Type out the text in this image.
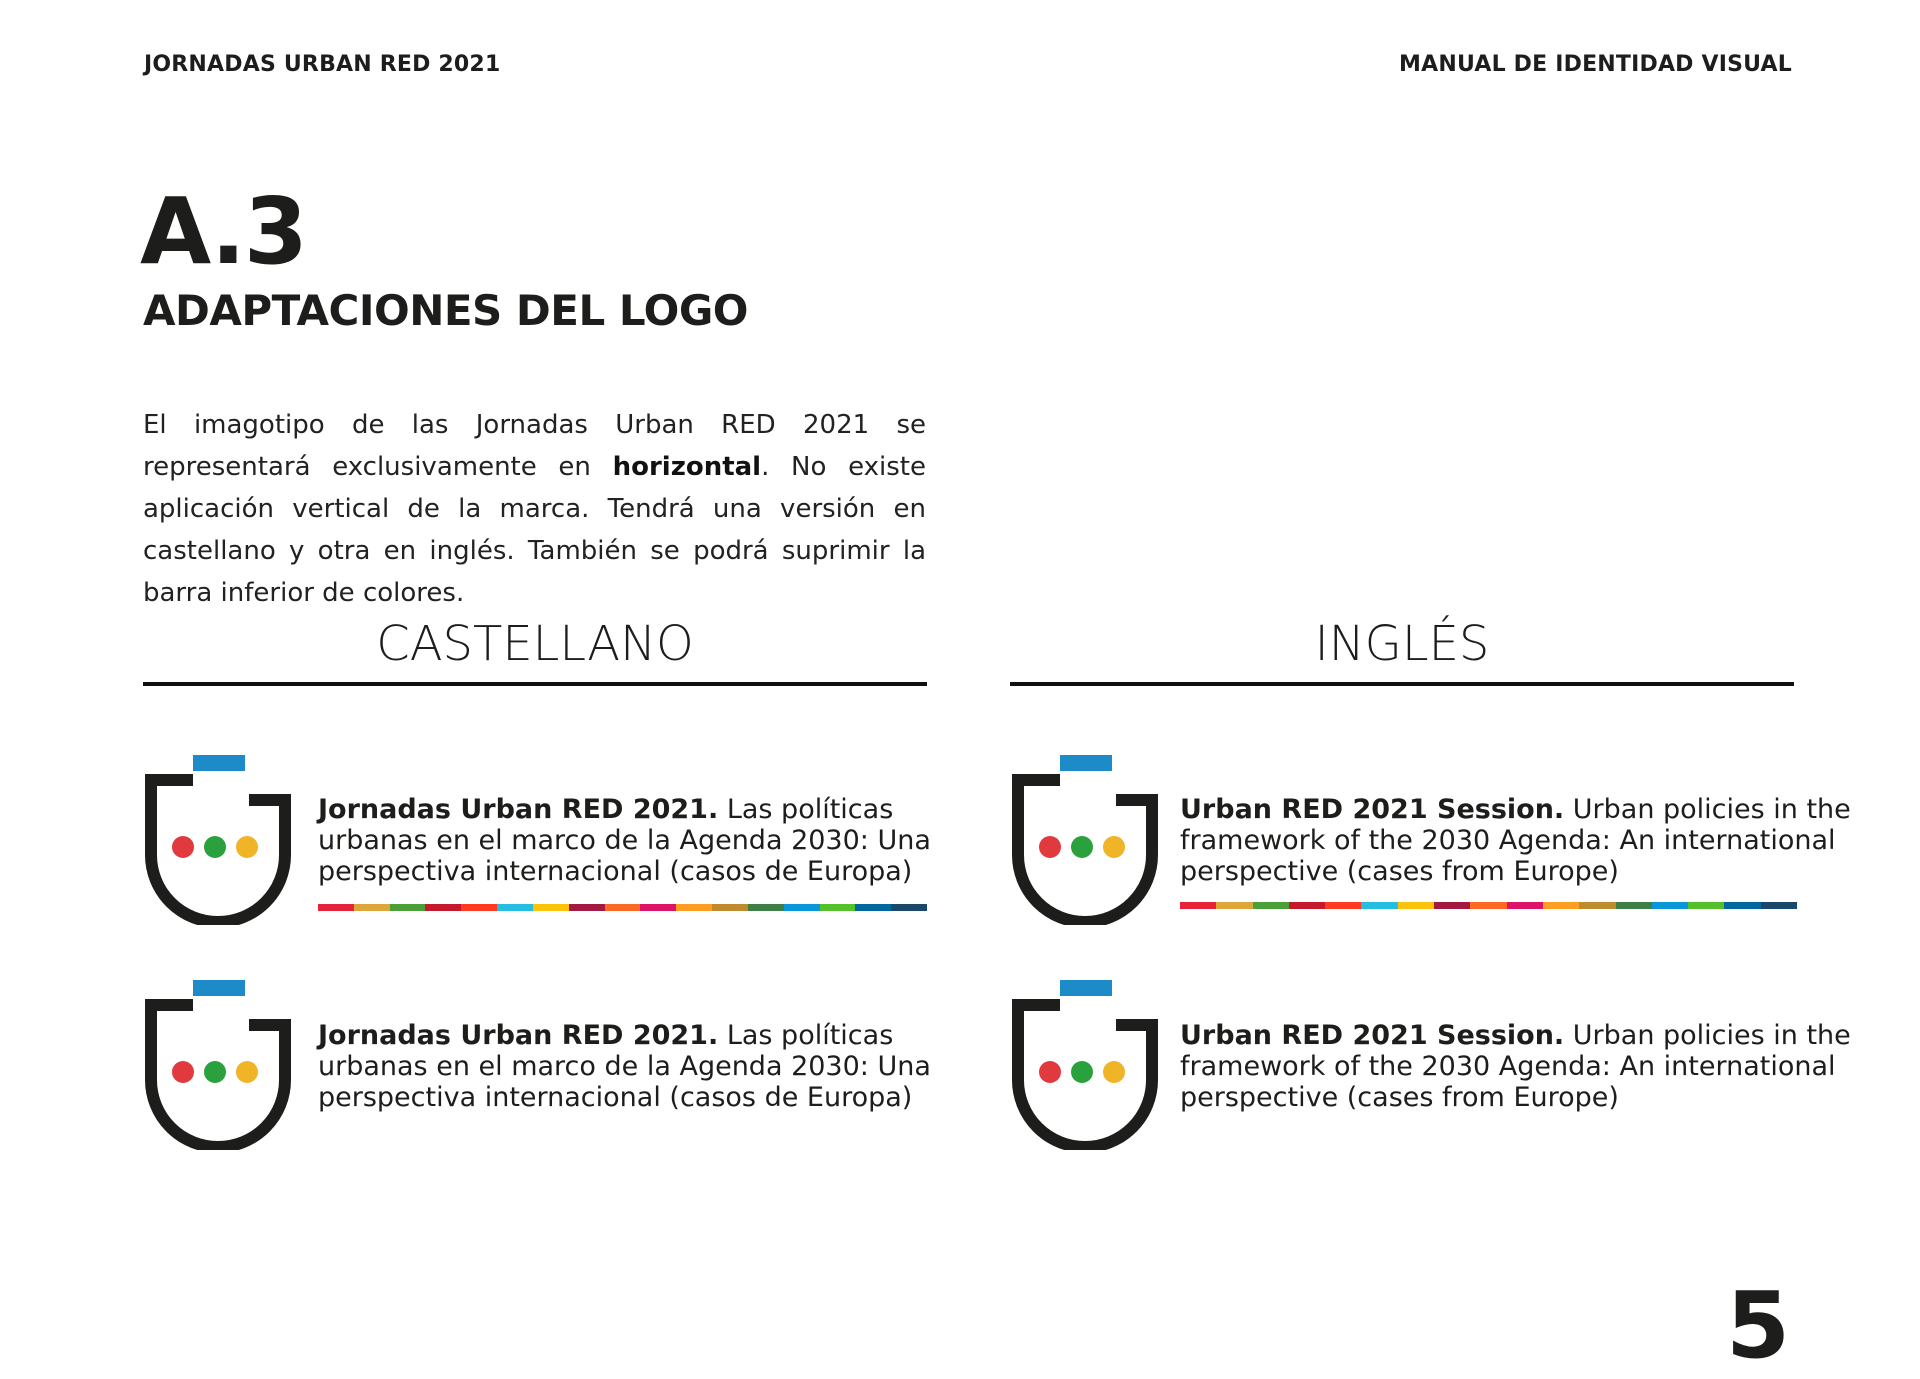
JORNADAS URBAN RED 2021	MANUAL DE IDENTIDAD VISUAL
A.3
ADAPTACIONES DEL LOGO
El imagotipo de las Jornadas Urban RED 2021 se representará exclusivamente en horizontal. No existe aplicación vertical de la marca. Tendrá una versión en castellano y otra en inglés. También se podrá suprimir la barra inferior de colores.
CASTELLANO	INGLÉS
Jornadas Urban RED 2021. Las políticas
urbanas en el marco de la Agenda 2030: Una
perspectiva internacional (casos de Europa)
Urban RED 2021 Session. Urban policies in the
framework of the 2030 Agenda: An international
perspective (cases from Europe)
Jornadas Urban RED 2021. Las políticas
urbanas en el marco de la Agenda 2030: Una
perspectiva internacional (casos de Europa)
Urban RED 2021 Session. Urban policies in the
framework of the 2030 Agenda: An international
perspective (cases from Europe)
5
